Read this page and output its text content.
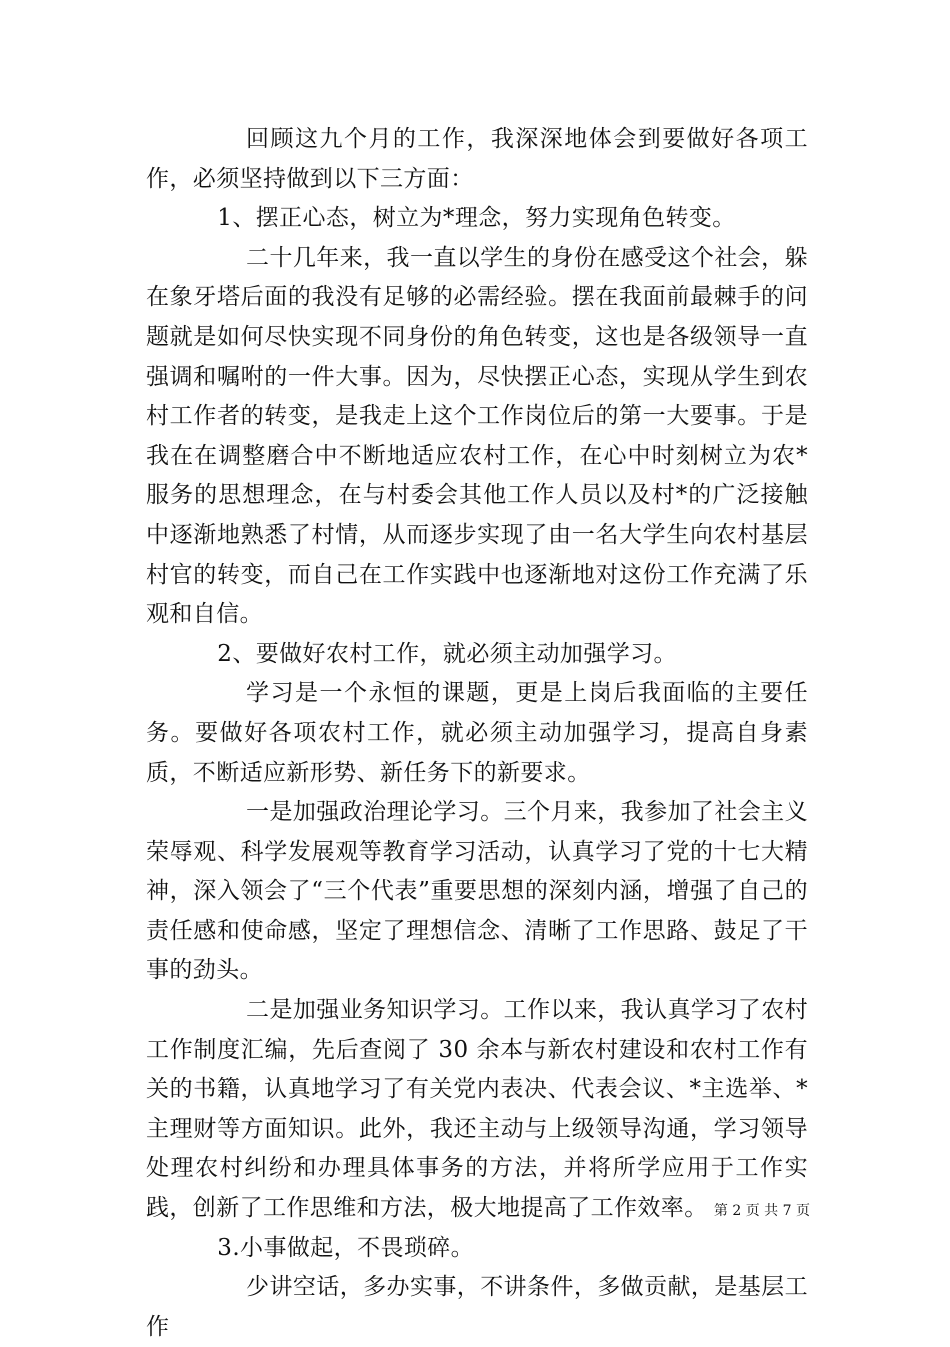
回顾这九个月的工作，我深深地体会到要做好各项工作，必须坚持做到以下三方面：

1、摆正心态，树立为*理念，努力实现角色转变。

二十几年来，我一直以学生的身份在感受这个社会，躲在象牙塔后面的我没有足够的必需经验。摆在我面前最棘手的问题就是如何尽快实现不同身份的角色转变，这也是各级领导一直强调和嘱咐的一件大事。因为，尽快摆正心态，实现从学生到农村工作者的转变，是我走上这个工作岗位后的第一大要事。于是我在在调整磨合中不断地适应农村工作，在心中时刻树立为农*服务的思想理念，在与村委会其他工作人员以及村*的广泛接触中逐渐地熟悉了村情，从而逐步实现了由一名大学生向农村基层村官的转变，而自己在工作实践中也逐渐地对这份工作充满了乐观和自信。

2、要做好农村工作，就必须主动加强学习。

学习是一个永恒的课题，更是上岗后我面临的主要任务。要做好各项农村工作，就必须主动加强学习，提高自身素质，不断适应新形势、新任务下的新要求。

一是加强政治理论学习。三个月来，我参加了社会主义荣辱观、科学发展观等教育学习活动，认真学习了党的十七大精神，深入领会了“三个代表”重要思想的深刻内涵，增强了自己的责任感和使命感，坚定了理想信念、清晰了工作思路、鼓足了干事的劲头。

二是加强业务知识学习。工作以来，我认真学习了农村工作制度汇编，先后查阅了 30 余本与新农村建设和农村工作有关的书籍，认真地学习了有关党内表决、代表会议、*主选举、*主理财等方面知识。此外，我还主动与上级领导沟通，学习领导处理农村纠纷和办理具体事务的方法，并将所学应用于工作实践，创新了工作思维和方法，极大地提高了工作效率。

3.小事做起，不畏琐碎。

少讲空话，多办实事，不讲条件，多做贡献，是基层工作

第 2 页 共 7 页
